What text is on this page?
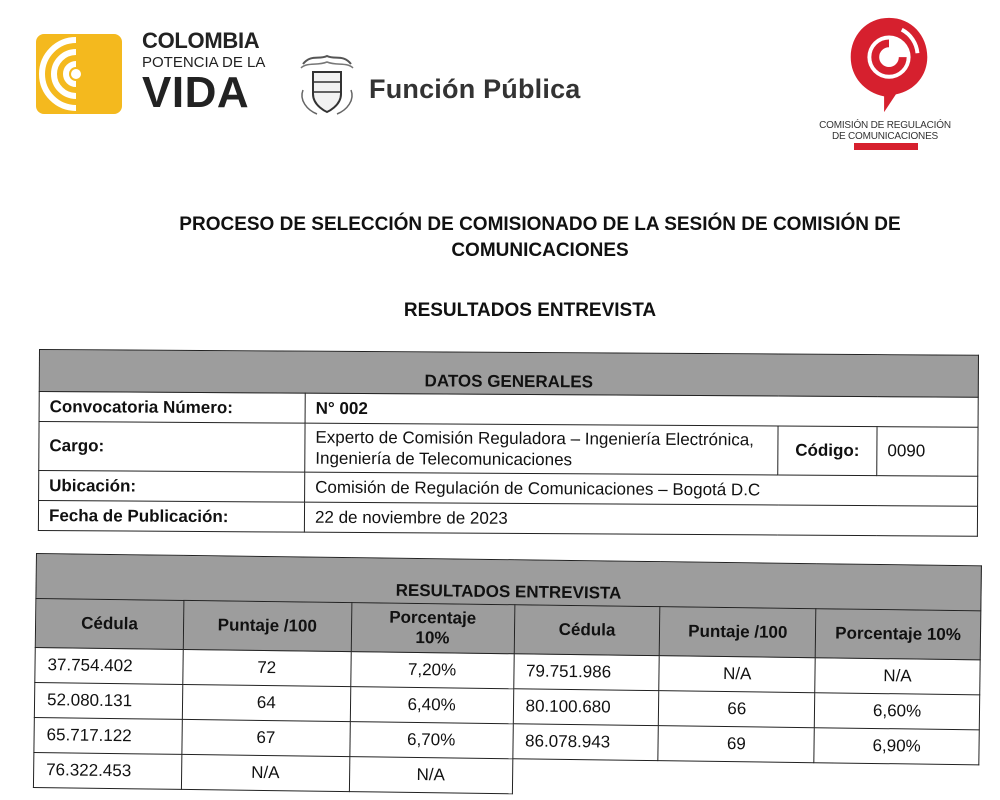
COLOMBIA
POTENCIA DE LA
VIDA	Función Pública
COMISIÓN DE REGULACIÓN
DE COMUNICACIONES
PROCESO DE SELECCIÓN DE COMISIONADO DE LA SESIÓN DE COMISIÓN DE COMUNICACIONES
RESULTADOS ENTREVISTA
DATOS GENERALES			
Convocatoria Número:	N° 002		
Cargo:	Experto de Comisión Reguladora – Ingeniería Electrónica, Ingeniería de Telecomunicaciones	Código:	0090
Ubicación:	Comisión de Regulación de Comunicaciones – Bogotá D.C		
Fecha de Publicación:	22 de noviembre de 2023		
RESULTADOS ENTREVISTA					
Cédula	Puntaje /100	Porcentaje 10%	Cédula	Puntaje /100	Porcentaje 10%
37.754.402	72	7,20%	79.751.986	N/A	N/A
52.080.131	64	6,40%	80.100.680	66	6,60%
65.717.122	67	6,70%	86.078.943	69	6,90%
76.322.453	N/A	N/A			
